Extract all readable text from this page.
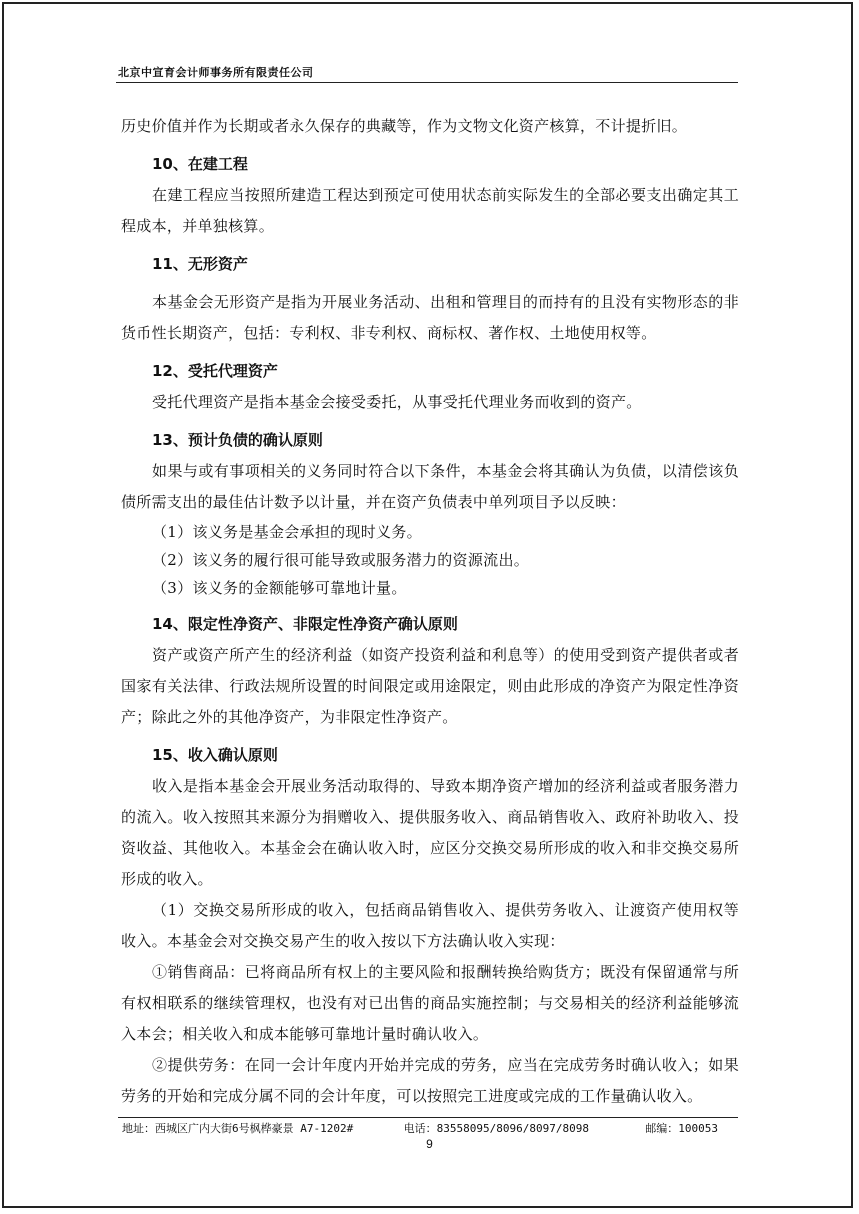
北京中宣育会计师事务所有限责任公司

历史价值并作为长期或者永久保存的典藏等，作为文物文化资产核算，不计提折旧。

10、在建工程

在建工程应当按照所建造工程达到预定可使用状态前实际发生的全部必要支出确定其工程成本，并单独核算。

11、无形资产

本基金会无形资产是指为开展业务活动、出租和管理目的而持有的且没有实物形态的非货币性长期资产，包括：专利权、非专利权、商标权、著作权、土地使用权等。

12、受托代理资产

受托代理资产是指本基金会接受委托，从事受托代理业务而收到的资产。

13、预计负债的确认原则

如果与或有事项相关的义务同时符合以下条件，本基金会将其确认为负债，以清偿该负债所需支出的最佳估计数予以计量，并在资产负债表中单列项目予以反映：

（1）该义务是基金会承担的现时义务。

（2）该义务的履行很可能导致或服务潜力的资源流出。

（3）该义务的金额能够可靠地计量。

14、限定性净资产、非限定性净资产确认原则

资产或资产所产生的经济利益（如资产投资利益和利息等）的使用受到资产提供者或者国家有关法律、行政法规所设置的时间限定或用途限定，则由此形成的净资产为限定性净资产；除此之外的其他净资产，为非限定性净资产。

15、收入确认原则

收入是指本基金会开展业务活动取得的、导致本期净资产增加的经济利益或者服务潜力的流入。收入按照其来源分为捐赠收入、提供服务收入、商品销售收入、政府补助收入、投资收益、其他收入。本基金会在确认收入时，应区分交换交易所形成的收入和非交换交易所形成的收入。

（1）交换交易所形成的收入，包括商品销售收入、提供劳务收入、让渡资产使用权等收入。本基金会对交换交易产生的收入按以下方法确认收入实现：

①销售商品：已将商品所有权上的主要风险和报酬转换给购货方；既没有保留通常与所有权相联系的继续管理权，也没有对已出售的商品实施控制；与交易相关的经济利益能够流入本会；相关收入和成本能够可靠地计量时确认收入。

②提供劳务：在同一会计年度内开始并完成的劳务，应当在完成劳务时确认收入；如果劳务的开始和完成分属不同的会计年度，可以按照完工进度或完成的工作量确认收入。

地址：西城区广内大街6号枫桦豪景 A7-1202#	电话：83558095/8096/8097/8098	邮编：100053
9
